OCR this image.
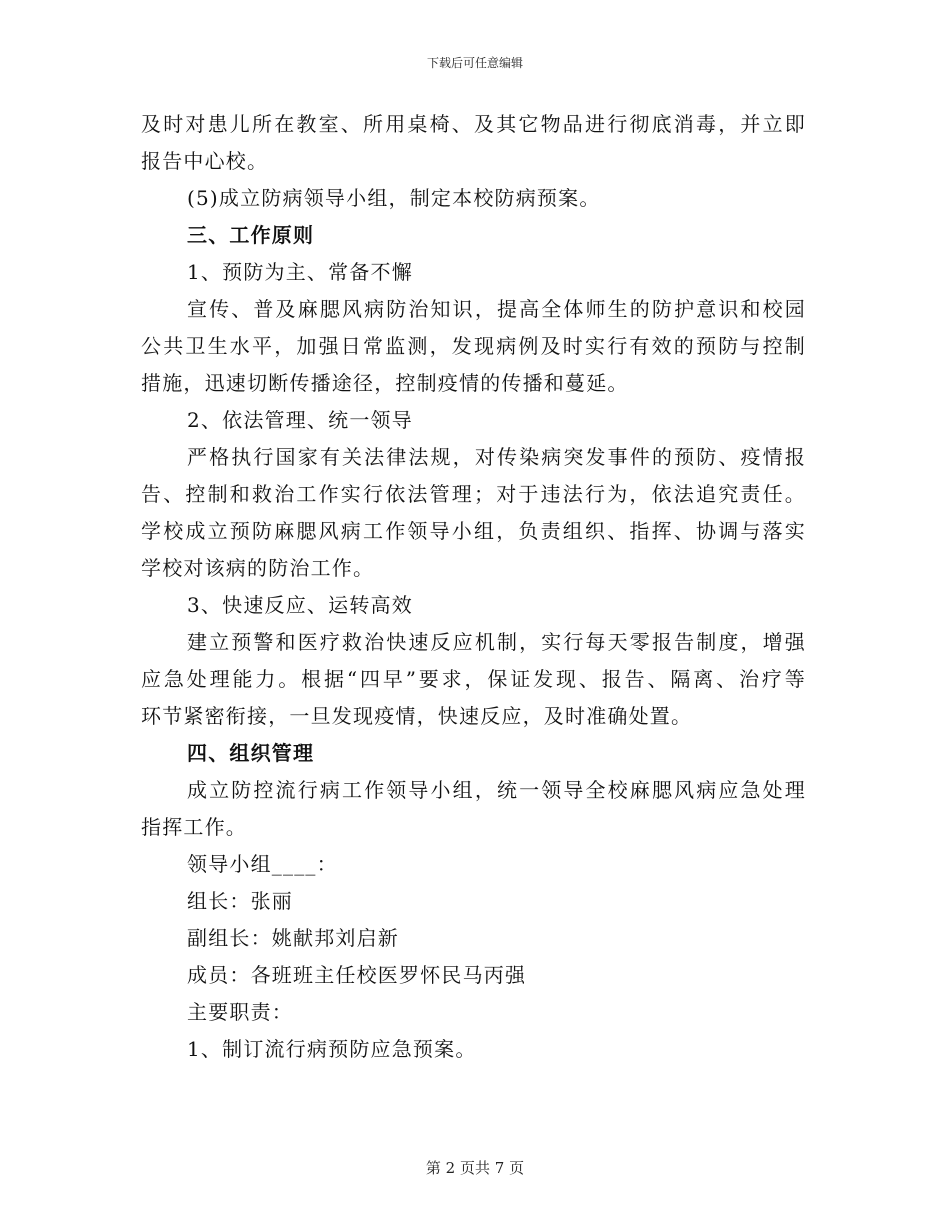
下载后可任意编辑
及时对患儿所在教室、所用桌椅、及其它物品进行彻底消毒，并立即
报告中心校。
(5)成立防病领导小组，制定本校防病预案。
三、工作原则
1、预防为主、常备不懈
宣传、普及麻腮风病防治知识，提高全体师生的防护意识和校园
公共卫生水平，加强日常监测，发现病例及时实行有效的预防与控制
措施，迅速切断传播途径，控制疫情的传播和蔓延。
2、依法管理、统一领导
严格执行国家有关法律法规，对传染病突发事件的预防、疫情报
告、控制和救治工作实行依法管理；对于违法行为，依法追究责任。
学校成立预防麻腮风病工作领导小组，负责组织、指挥、协调与落实
学校对该病的防治工作。
3、快速反应、运转高效
建立预警和医疗救治快速反应机制，实行每天零报告制度，增强
应急处理能力。根据“四早”要求，保证发现、报告、隔离、治疗等
环节紧密衔接，一旦发现疫情，快速反应，及时准确处置。
四、组织管理
成立防控流行病工作领导小组，统一领导全校麻腮风病应急处理
指挥工作。
领导小组____：
组长：张丽
副组长：姚献邦刘启新
成员：各班班主任校医罗怀民马丙强
主要职责：
1、制订流行病预防应急预案。
第 2 页共 7 页
